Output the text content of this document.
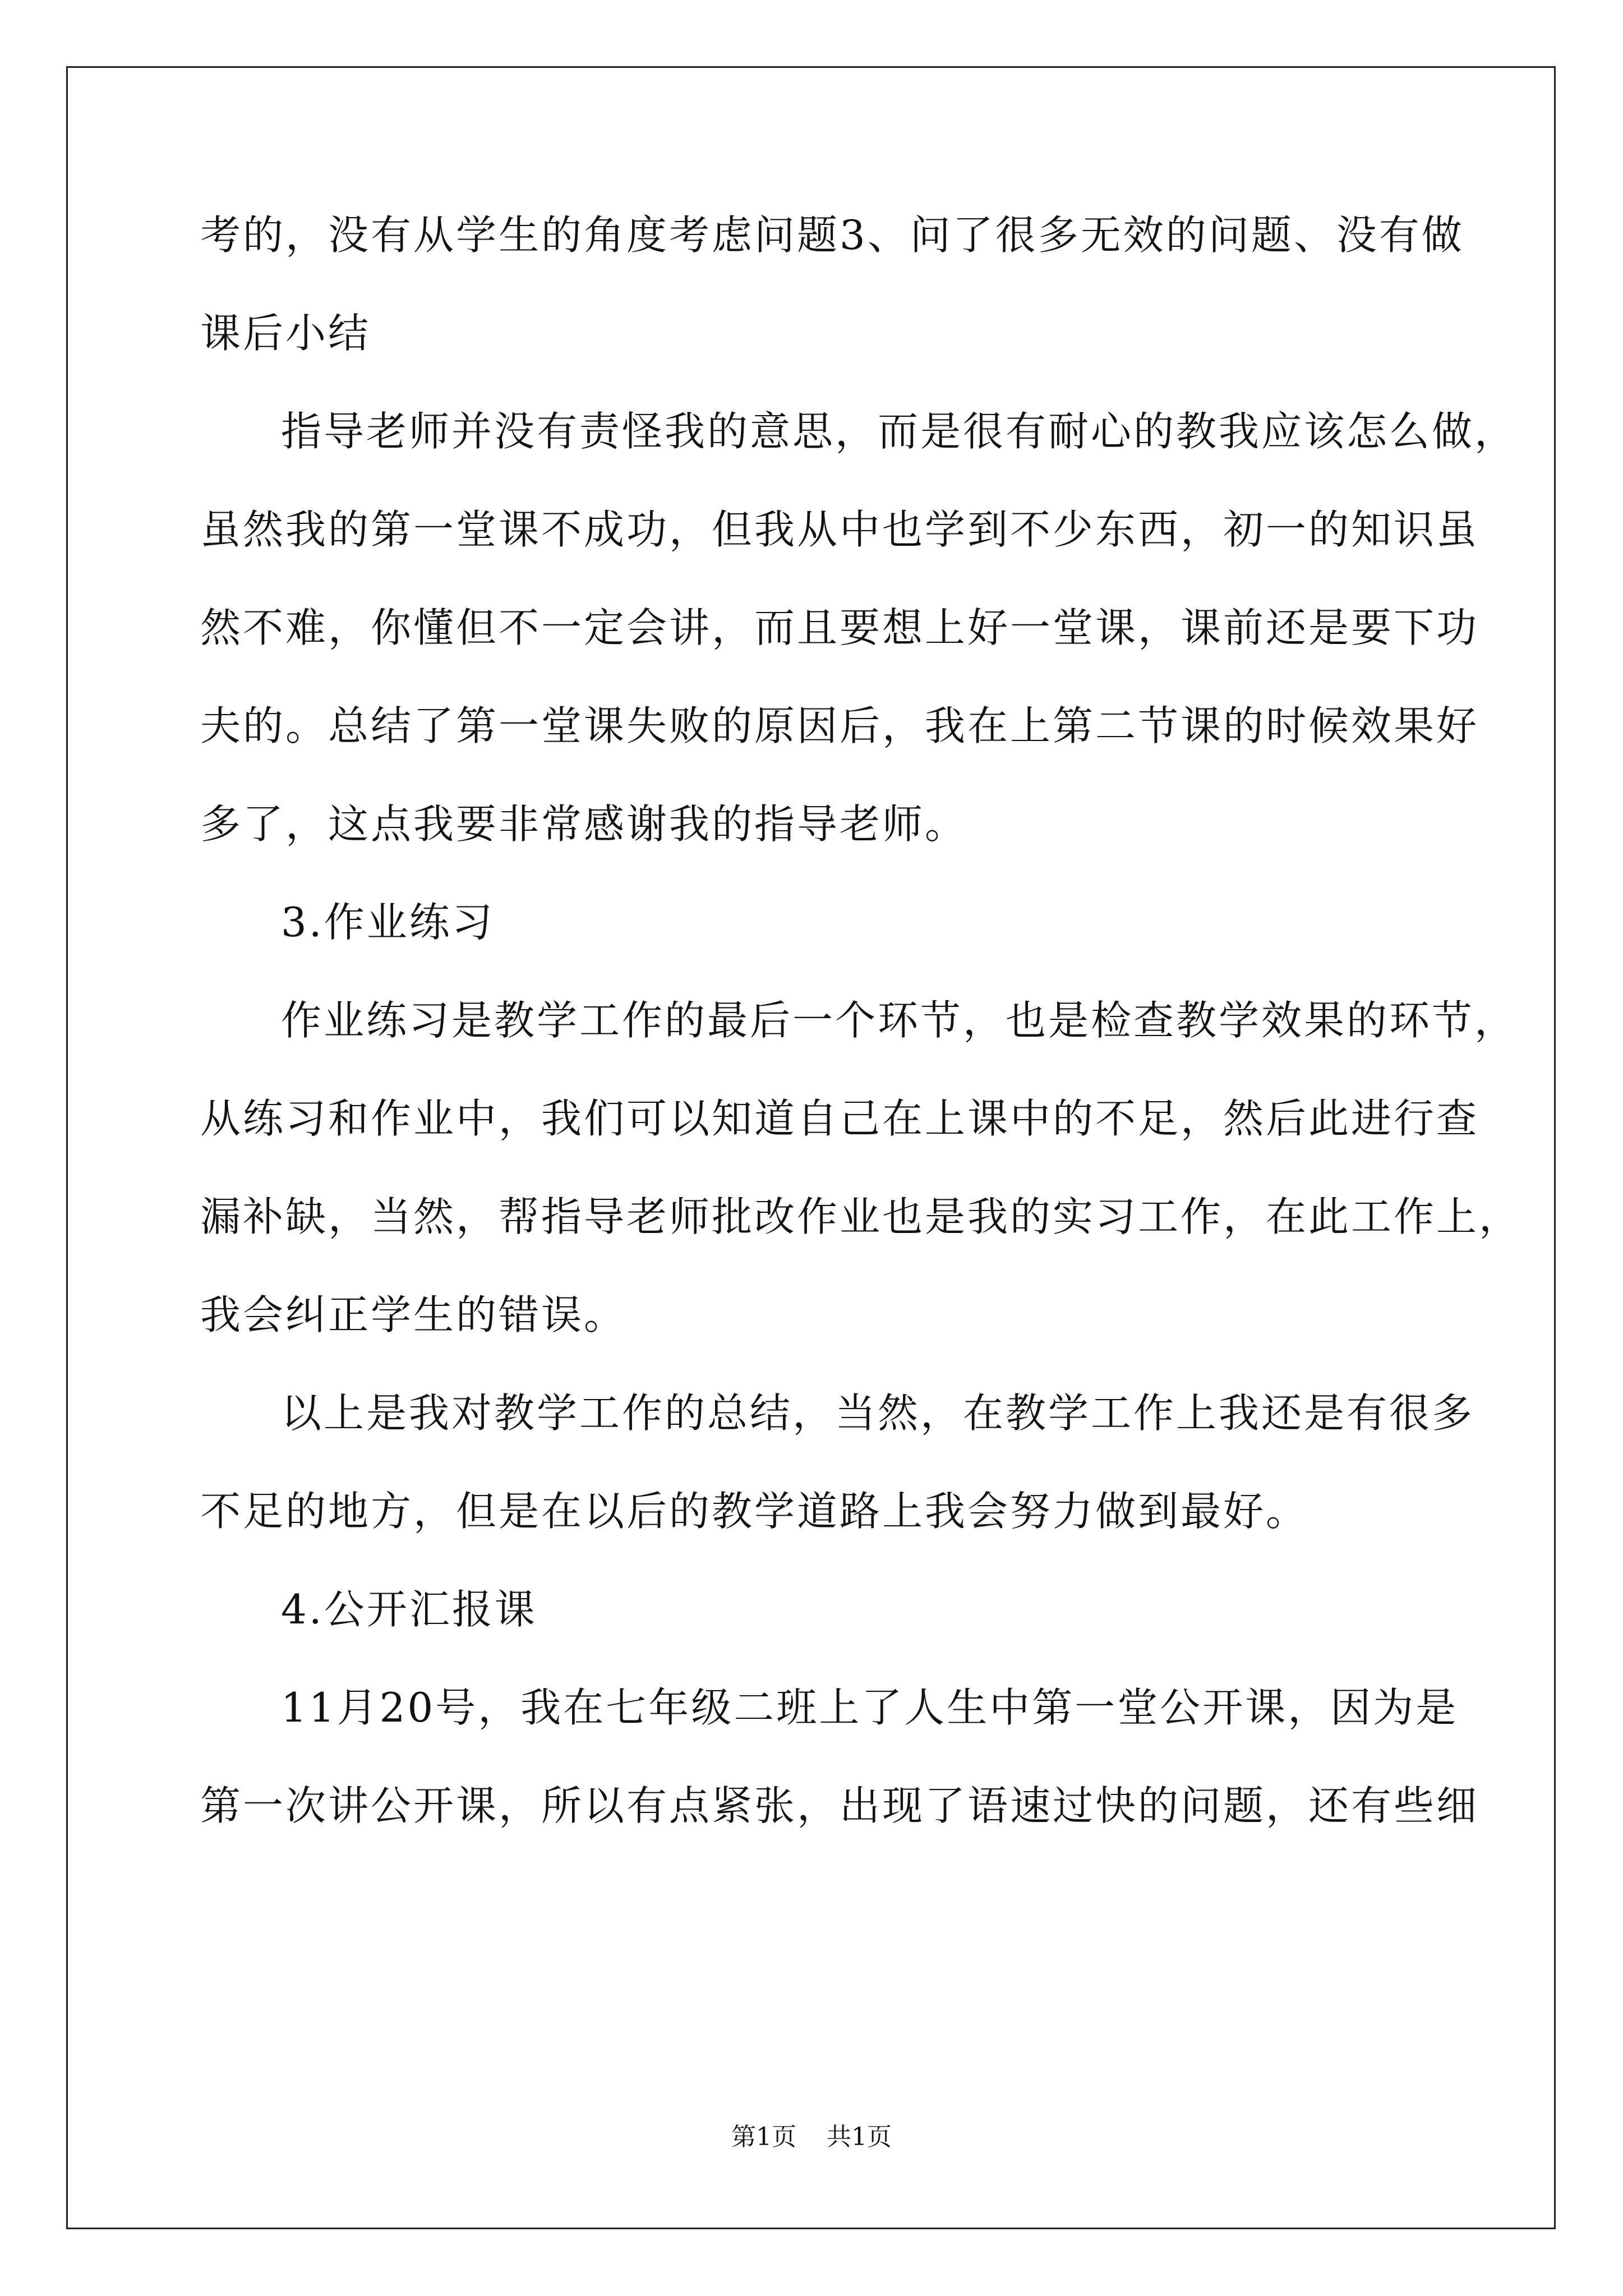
考的，没有从学生的角度考虑问题3、问了很多无效的问题、没有做
课后小结
指导老师并没有责怪我的意思，而是很有耐心的教我应该怎么做，
虽然我的第一堂课不成功，但我从中也学到不少东西，初一的知识虽
然不难，你懂但不一定会讲，而且要想上好一堂课，课前还是要下功
夫的。总结了第一堂课失败的原因后，我在上第二节课的时候效果好
多了，这点我要非常感谢我的指导老师。
3.作业练习
作业练习是教学工作的最后一个环节，也是检查教学效果的环节，
从练习和作业中，我们可以知道自己在上课中的不足，然后此进行查
漏补缺，当然，帮指导老师批改作业也是我的实习工作，在此工作上，
我会纠正学生的错误。
以上是我对教学工作的总结，当然，在教学工作上我还是有很多
不足的地方，但是在以后的教学道路上我会努力做到最好。
4.公开汇报课
11月20号，我在七年级二班上了人生中第一堂公开课，因为是
第一次讲公开课，所以有点紧张，出现了语速过快的问题，还有些细
第1页 共1页
